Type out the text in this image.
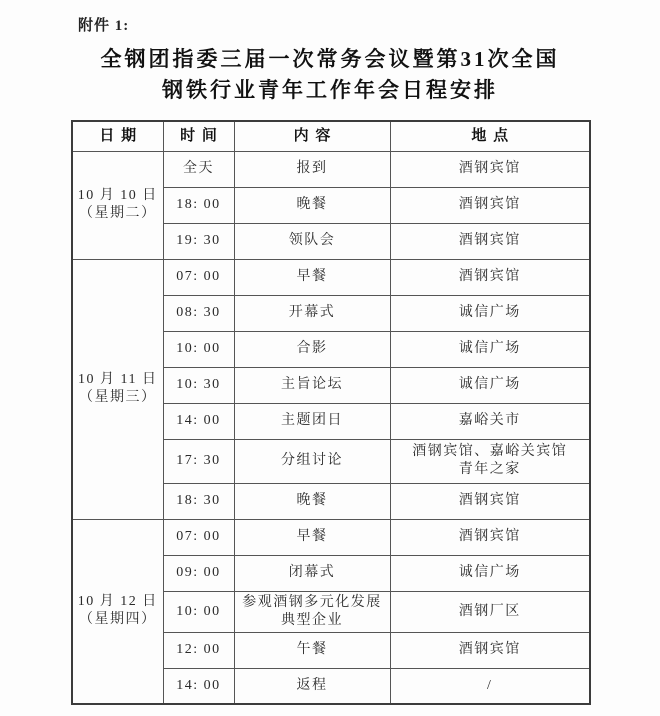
附件 1:
全钢团指委三届一次常务会议暨第31次全国
钢铁行业青年工作年会日程安排
日期	时间	内容	地点
10 月 10 日
（星期二）	全天	报到	酒钢宾馆
	18: 00	晚餐	酒钢宾馆
	19: 30	领队会	酒钢宾馆
10 月 11 日
（星期三）	07: 00	早餐	酒钢宾馆
	08: 30	开幕式	诚信广场
	10: 00	合影	诚信广场
	10: 30	主旨论坛	诚信广场
	14: 00	主题团日	嘉峪关市
	17: 30	分组讨论	酒钢宾馆、嘉峪关宾馆
青年之家
	18: 30	晚餐	酒钢宾馆
10 月 12 日
（星期四）	07: 00	早餐	酒钢宾馆
	09: 00	闭幕式	诚信广场
	10: 00	参观酒钢多元化发展
典型企业	酒钢厂区
	12: 00	午餐	酒钢宾馆
	14: 00	返程	/
